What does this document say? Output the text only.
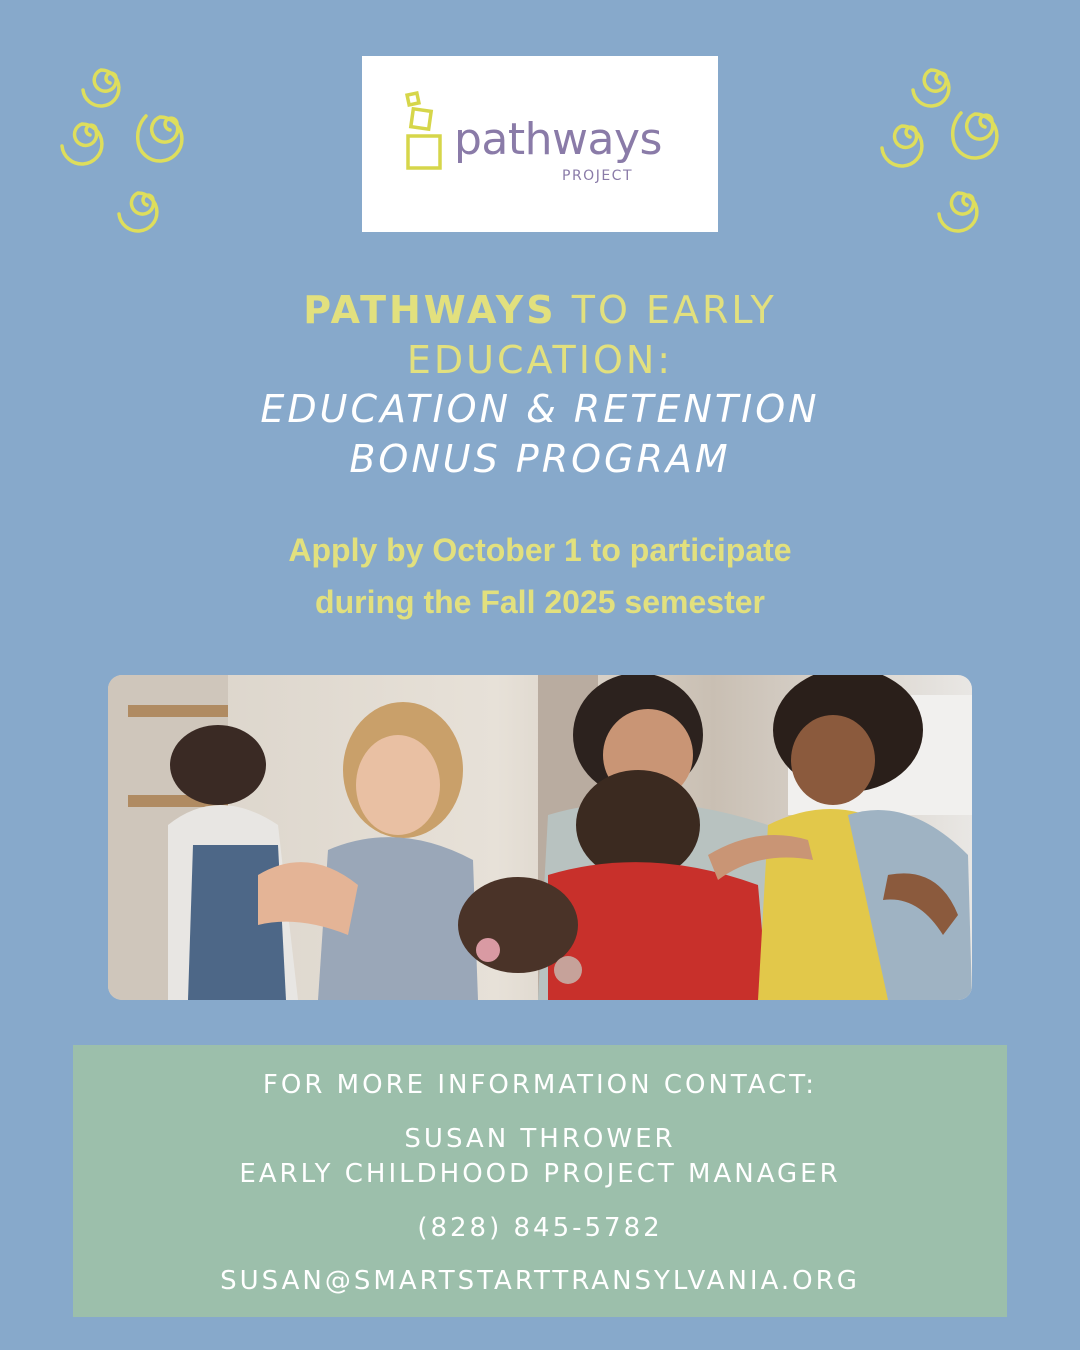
pathways
PROJECT
PATHWAYS TO EARLY
EDUCATION:
EDUCATION & RETENTION
BONUS PROGRAM
Apply by October 1 to participate
during the Fall 2025 semester
FOR MORE INFORMATION CONTACT:
SUSAN THROWER
EARLY CHILDHOOD PROJECT MANAGER
(828) 845-5782
SUSAN@SMARTSTARTTRANSYLVANIA.ORG
